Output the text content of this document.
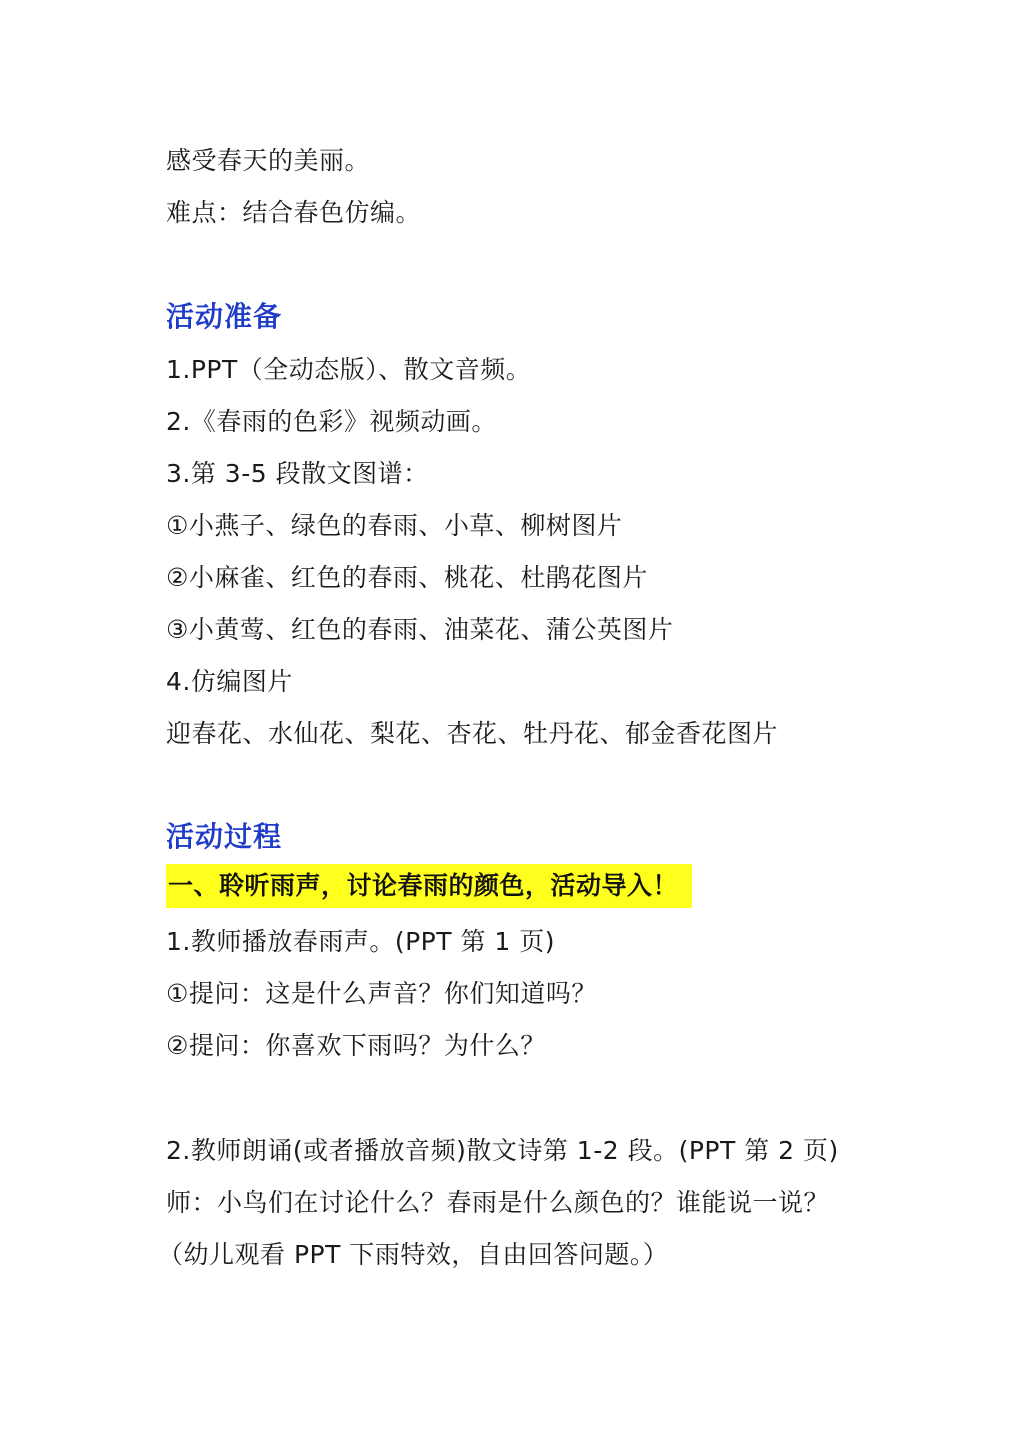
感受春天的美丽。
难点：结合春色仿编。
活动准备
1.PPT（全动态版）、散文音频。
2.《春雨的色彩》视频动画。
3.第 3-5 段散文图谱：
①小燕子、绿色的春雨、小草、柳树图片
②小麻雀、红色的春雨、桃花、杜鹃花图片
③小黄莺、红色的春雨、油菜花、蒲公英图片
4.仿编图片
迎春花、水仙花、梨花、杏花、牡丹花、郁金香花图片
活动过程
一、聆听雨声，讨论春雨的颜色，活动导入！
1.教师播放春雨声。(PPT 第 1 页)
①提问：这是什么声音？你们知道吗？
②提问：你喜欢下雨吗？为什么？
2.教师朗诵(或者播放音频)散文诗第 1-2 段。(PPT 第 2 页)
师：小鸟们在讨论什么？春雨是什么颜色的？谁能说一说？
（幼儿观看 PPT 下雨特效，自由回答问题。）
